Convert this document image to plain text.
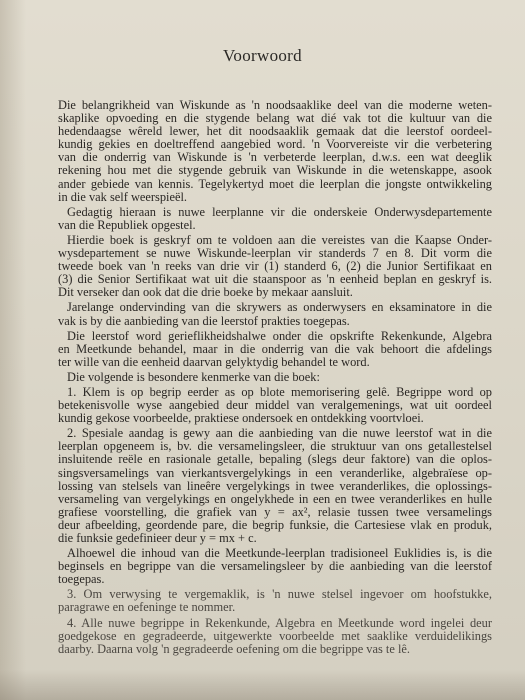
Voorwoord
Die belangrikheid van Wiskunde as 'n noodsaaklike deel van die moderne weten-
skaplike opvoeding en die stygende belang wat dié vak tot die kultuur van die
hedendaagse wêreld lewer, het dit noodsaaklik gemaak dat die leerstof oordeel-
kundig gekies en doeltreffend aangebied word. 'n Voorvereiste vir die verbetering
van die onderrig van Wiskunde is 'n verbeterde leerplan, d.w.s. een wat deeglik
rekening hou met die stygende gebruik van Wiskunde in die wetenskappe, asook
ander gebiede van kennis. Tegelykertyd moet die leerplan die jongste ontwikkeling
in die vak self weerspieël.
Gedagtig hieraan is nuwe leerplanne vir die onderskeie Onderwysdepartemente
van die Republiek opgestel.
Hierdie boek is geskryf om te voldoen aan die vereistes van die Kaapse Onder-
wysdepartement se nuwe Wiskunde-leerplan vir standerds 7 en 8. Dit vorm die
tweede boek van 'n reeks van drie vir (1) standerd 6, (2) die Junior Sertifikaat en
(3) die Senior Sertifikaat wat uit die staanspoor as 'n eenheid beplan en geskryf is.
Dit verseker dan ook dat die drie boeke by mekaar aansluit.
Jarelange ondervinding van die skrywers as onderwysers en eksaminatore in die
vak is by die aanbieding van die leerstof prakties toegepas.
Die leerstof word gerieflikheidshalwe onder die opskrifte Rekenkunde, Algebra
en Meetkunde behandel, maar in die onderrig van die vak behoort die afdelings
ter wille van die eenheid daarvan gelyktydig behandel te word.
Die volgende is besondere kenmerke van die boek:
1. Klem is op begrip eerder as op blote memorisering gelê. Begrippe word op
betekenisvolle wyse aangebied deur middel van veralgemenings, wat uit oordeel
kundig gekose voorbeelde, praktiese ondersoek en ontdekking voortvloei.
2. Spesiale aandag is gewy aan die aanbieding van die nuwe leerstof wat in die
leerplan opgeneem is, bv. die versamelingsleer, die struktuur van ons getallestelsel
insluitende reële en rasionale getalle, bepaling (slegs deur faktore) van die oplos-
singsversamelings van vierkantsvergelykings in een veranderlike, algebraïese op-
lossing van stelsels van lineêre vergelykings in twee veranderlikes, die oplossings-
versameling van vergelykings en ongelykhede in een en twee veranderlikes en hulle
grafiese voorstelling, die grafiek van y = ax², relasie tussen twee versamelings
deur afbeelding, geordende pare, die begrip funksie, die Cartesiese vlak en produk,
die funksie gedefinieer deur y = mx + c.
Alhoewel die inhoud van die Meetkunde-leerplan tradisioneel Euklidies is, is die
beginsels en begrippe van die versamelingsleer by die aanbieding van die leerstof
toegepas.
3. Om verwysing te vergemaklik, is 'n nuwe stelsel ingevoer om hoofstukke,
paragrawe en oefeninge te nommer.
4. Alle nuwe begrippe in Rekenkunde, Algebra en Meetkunde word ingelei deur
goedgekose en gegradeerde, uitgewerkte voorbeelde met saaklike verduidelikings
daarby. Daarna volg 'n gegradeerde oefening om die begrippe vas te lê.
